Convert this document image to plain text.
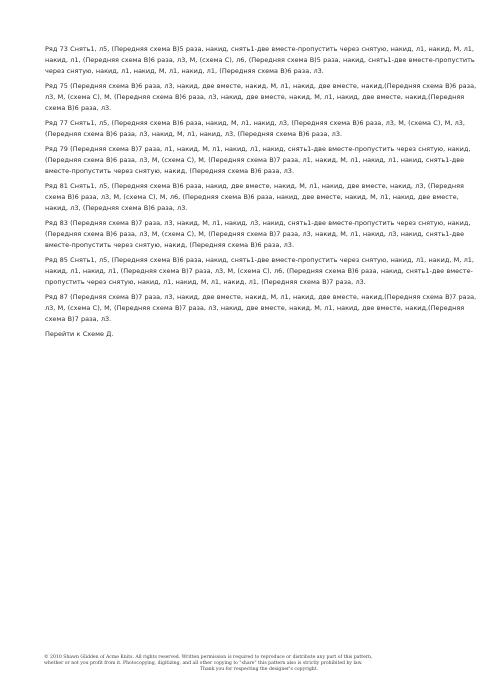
Ряд 73 Снять1, л5, (Передняя схема В)5 раза, накид, снять1-две вместе-пропустить через снятую, накид, л1, накид, М, л1, накид, л1, (Передняя схема В)6 раза, л3, М, (схема С), л6, (Передняя схема В)5 раза, накид, снять1-две вместе-пропустить через снятую, накид, л1, накид, М, л1, накид, л1, (Передняя схема В)6 раза, л3.
Ряд 75 (Передняя схема В)6 раза, л3, накид, две вместе, накид, М, л1, накид, две вместе, накид,(Передняя схема В)6 раза, л3, М, (схема С), М, (Передняя схема В)6 раза, л3, накид, две вместе, накид, М, л1, накид, две вместе, накид,(Передняя схема В)6 раза, л3.
Ряд 77 Снять1, л5, (Передняя схема В)6 раза, накид, М, л1, накид, л3, (Передняя схема В)6 раза, л3, М, (схема С), М, л3, (Передняя схема В)6 раза, л3, накид, М, л1, накид, л3, (Передняя схема В)6 раза, л3.
Ряд 79 (Передняя схема В)7 раза, л1, накид, М, л1, накид, л1, накид, снять1-две вместе-пропустить через снятую, накид, (Передняя схема В)6 раза, л3, М, (схема С), М, (Передняя схема В)7 раза, л1, накид, М, л1, накид, л1, накид, снять1-две вместе-пропустить через снятую, накид, (Передняя схема В)6 раза, л3.
Ряд 81 Снять1, л5, (Передняя схема В)6 раза, накид, две вместе, накид, М, л1, накид, две вместе, накид, л3, (Передняя схема В)6 раза, л3, М, (схема С), М, л6, (Передняя схема В)6 раза, накид, две вместе, накид, М, л1, накид, две вместе, накид, л3, (Передняя схема В)6 раза, л3.
Ряд 83 (Передняя схема В)7 раза, л3, накид, М, л1, накид, л3, накид, снять1-две вместе-пропустить через снятую, накид, (Передняя схема В)6 раза, л3, М, (схема С), М, (Передняя схема В)7 раза, л3, накид, М, л1, накид, л3, накид, снять1-две вместе-пропустить через снятую, накид, (Передняя схема В)6 раза, л3.
Ряд 85 Снять1, л5, (Передняя схема В)6 раза, накид, снять1-две вместе-пропустить через снятую, накид, л1, накид, М, л1, накид, л1, накид, л1, (Передняя схема В)7 раза, л3, М, (схема С), л6, (Передняя схема В)6 раза, накид, снять1-две вместе-пропустить через снятую, накид, л1, накид, М, л1, накид, л1, (Передняя схема В)7 раза, л3.
Ряд 87 (Передняя схема В)7 раза, л3, накид, две вместе, накид, М, л1, накид, две вместе, накид,(Передняя схема В)7 раза, л3, М, (схема С), М, (Передняя схема В)7 раза, л3, накид, две вместе, накид, М, л1, накид, две вместе, накид,(Передняя схема В)7 раза, л3.
Перейти к Схеме Д.
© 2010 Shawn Glidden of Acme Knits. All rights reserved. Written permission is required to reproduce or distribute any part of this pattern,
whether or not you profit from it. Photocopying, digitizing, and all other copying to "share" this pattern also is strictly prohibited by law.
Thank you for respecting the designer's copyright.
